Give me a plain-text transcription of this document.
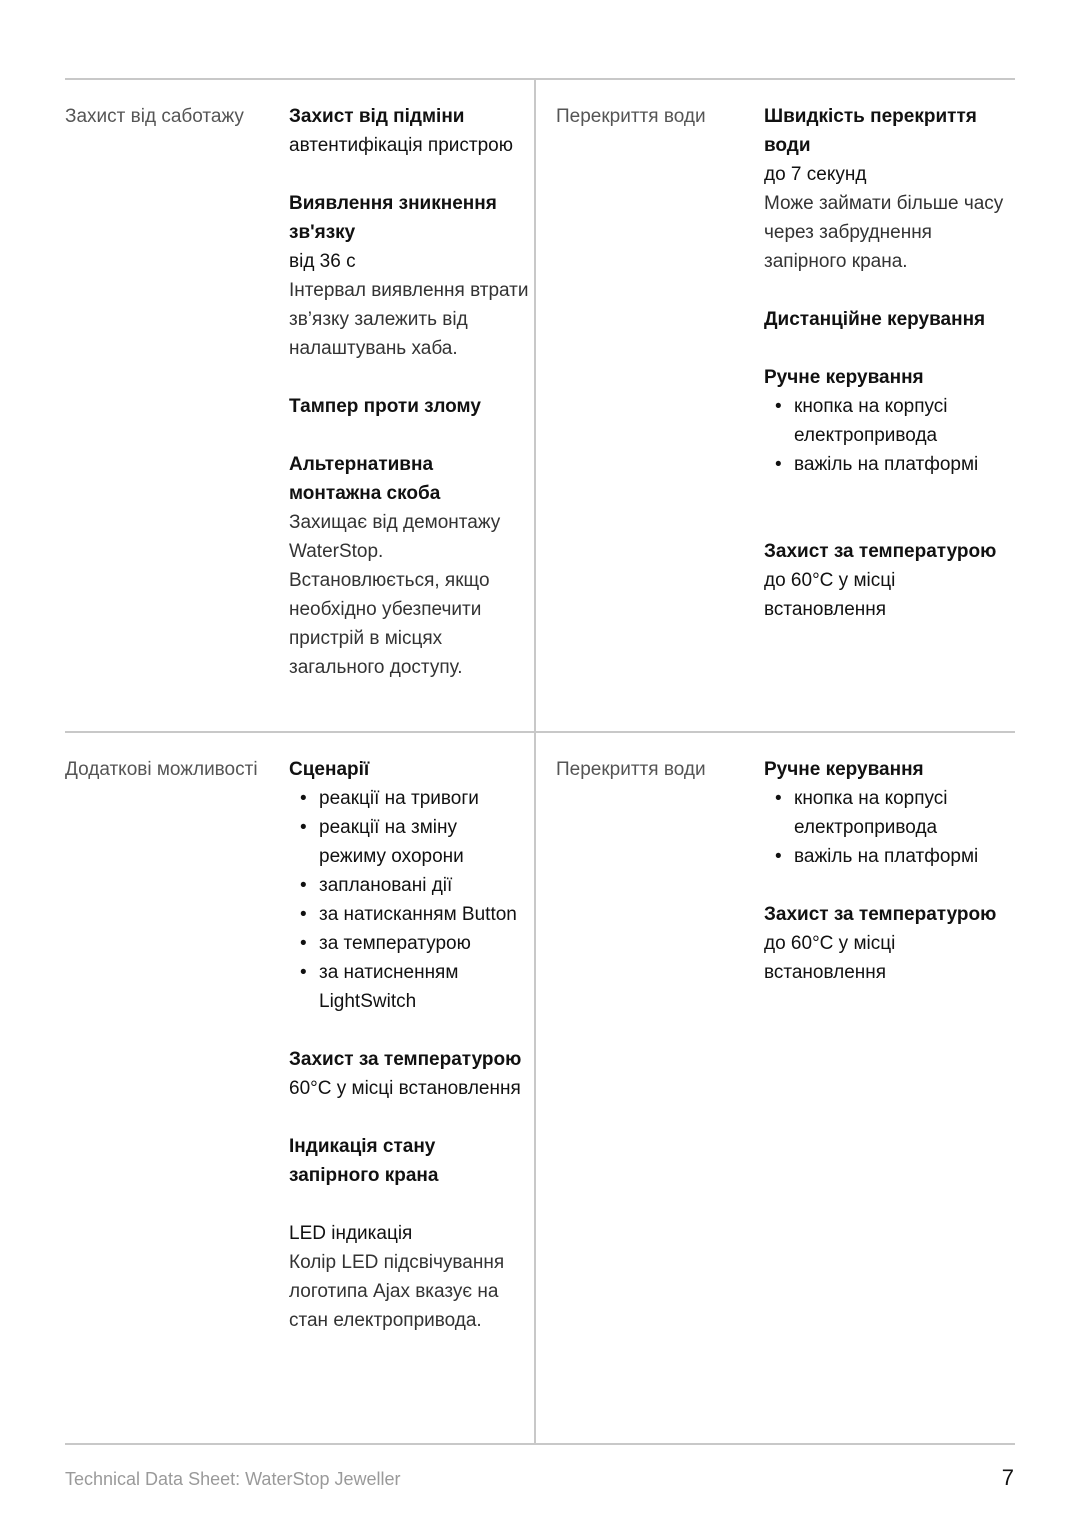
Захист від саботажу	Захист від підміни
автентифікація пристрою
Виявлення зникнення зв'язку
від 36 с
Інтервал виявлення втрати зв’язку залежить від налаштувань хаба.
Тампер проти злому
Альтернативна монтажна скоба
Захищає від демонтажу WaterStop. Встановлюється, якщо необхідно убезпечити пристрій в місцях загального доступу.
Перекриття води	Швидкість перекриття води
до 7 секунд
Може займати більше часу через забруднення запірного крана.
Дистанційне керування
Ручне керування
• кнопка на корпусі електропривода
• важіль на платформі
Захист за температурою
до 60°C у місці встановлення
Додаткові можливості	Сценарії
• реакції на тривоги
• реакції на зміну режиму охорони
• заплановані дії
• за натисканням Button
• за температурою
• за натисненням LightSwitch
Захист за температурою
60°C у місці встановлення
Індикація стану запірного крана
LED індикація
Колір LED підсвічування логотипа Ajax вказує на стан електропривода.
Перекриття води	Ручне керування
• кнопка на корпусі електропривода
• важіль на платформі
Захист за температурою
до 60°C у місці встановлення
Technical Data Sheet: WaterStop Jeweller	7
